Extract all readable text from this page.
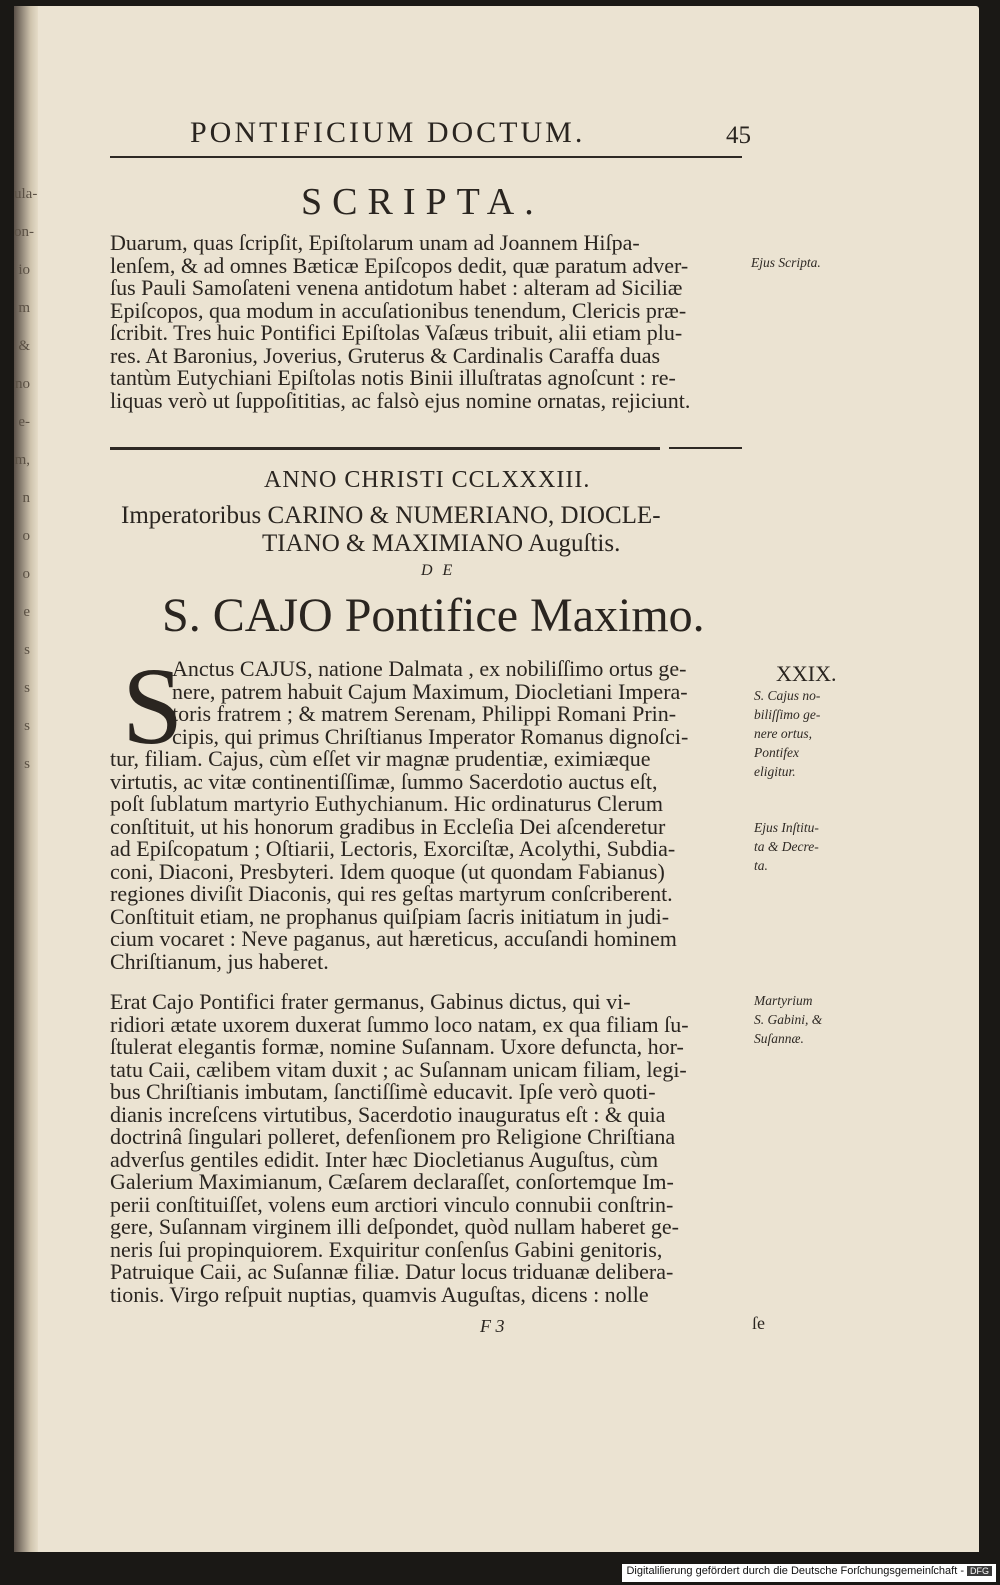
ula-
on-
io
m
&
no
e-
m,
n
o
o
e
s
s
s
s
PONTIFICIUM DOCTUM.	45
SCRIPTA.
Duarum, quas ſcripſit, Epiſtolarum unam ad Joannem Hiſpa-
lenſem, & ad omnes Bæticæ Epiſcopos dedit, quæ paratum adver-
ſus Pauli Samoſateni venena antidotum habet : alteram ad Siciliæ
Epiſcopos, qua modum in accuſationibus tenendum, Clericis præ-
ſcribit. Tres huic Pontifici Epiſtolas Vaſæus tribuit, alii etiam plu-
res. At Baronius, Joverius, Gruterus & Cardinalis Caraffa duas
tantùm Eutychiani Epiſtolas notis Binii illuſtratas agnoſcunt : re-
liquas verò ut ſuppoſititias, ac falsò ejus nomine ornatas, rejiciunt.
Ejus Scripta.
ANNO CHRISTI CCLXXXIII.
Imperatoribus CARINO & NUMERIANO, DIOCLE-
TIANO & MAXIMIANO Auguſtis.
DE
S. CAJO Pontifice Maximo.
XXIX.
S
Anctus CAJUS, natione Dalmata , ex nobiliſſimo ortus ge-
nere, patrem habuit Cajum Maximum, Diocletiani Impera-
toris fratrem ; & matrem Serenam, Philippi Romani Prin-
cipis, qui primus Chriſtianus Imperator Romanus dignoſci-
tur, filiam. Cajus, cùm eſſet vir magnæ prudentiæ, eximiæque
virtutis, ac vitæ continentiſſimæ, ſummo Sacerdotio auctus eſt,
poſt ſublatum martyrio Euthychianum. Hic ordinaturus Clerum
conſtituit, ut his honorum gradibus in Eccleſia Dei aſcenderetur
ad Epiſcopatum ; Oſtiarii, Lectoris, Exorciſtæ, Acolythi, Subdia-
coni, Diaconi, Presbyteri. Idem quoque (ut quondam Fabianus)
regiones diviſit Diaconis, qui res geſtas martyrum conſcriberent.
Conſtituit etiam, ne prophanus quiſpiam ſacris initiatum in judi-
cium vocaret : Neve paganus, aut hæreticus, accuſandi hominem
Chriſtianum, jus haberet.
S. Cajus no-
biliſſimo ge-
nere ortus,
Pontifex
eligitur.
Ejus Inſtitu-
ta & Decre-
ta.
Erat Cajo Pontifici frater germanus, Gabinus dictus, qui vi-
ridiori ætate uxorem duxerat ſummo loco natam, ex qua filiam ſu-
ſtulerat elegantis formæ, nomine Suſannam. Uxore defuncta, hor-
tatu Caii, cælibem vitam duxit ; ac Suſannam unicam filiam, legi-
bus Chriſtianis imbutam, ſanctiſſimè educavit. Ipſe verò quoti-
dianis increſcens virtutibus, Sacerdotio inauguratus eſt : & quia
doctrinâ ſingulari polleret, defenſionem pro Religione Chriſtiana
adverſus gentiles edidit. Inter hæc Diocletianus Auguſtus, cùm
Galerium Maximianum, Cæſarem declaraſſet, conſortemque Im-
perii conſtituiſſet, volens eum arctiori vinculo connubii conſtrin-
gere, Suſannam virginem illi deſpondet, quòd nullam haberet ge-
neris ſui propinquiorem. Exquiritur conſenſus Gabini genitoris,
Patruique Caii, ac Suſannæ filiæ. Datur locus triduanæ delibera-
tionis. Virgo reſpuit nuptias, quamvis Auguſtas, dicens : nolle
Martyrium
S. Gabini, &
Suſannæ.
F 3	ſe
Digitaliſierung gefördert durch die Deutsche Forſchungsgemeinſchaft - DFG
